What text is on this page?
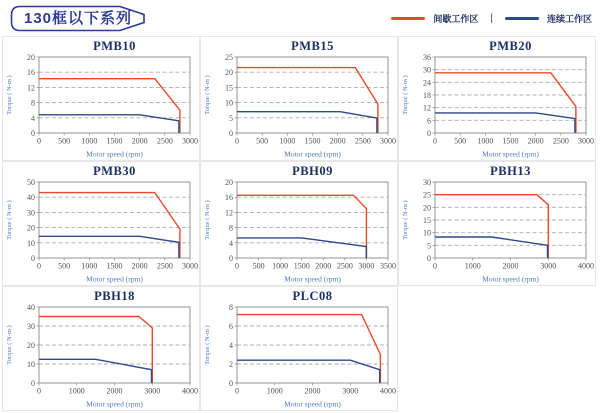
130框以下系列	间歇工作区 |	连续工作区
PMB10
0
4
8
12
16
20
0 500 1000 1500 2000 2500 3000
Motor speed (rpm)
Torque ( N-m )
PMB15
0
5
10
15
20
25
0 500 1000 1500 2000 2500 3000
Motor speed (rpm)
Torque ( N-m )
PMB20
0
6
12
18
24
30
36
0 500 1000 1500 2000 2500 3000
Motor speed (rpm)
Torque ( N-m )
PMB30
0
10
20
30
40
50
0 500 1000 1500 2000 2500 3000
Motor speed (rpm)
Torque ( N-m )
PBH09
0
4
8
12
16
20
0 500 1000 1500 2000 2500 3000 3500
Motor speed (rpm)
Torque ( N-m )
PBH13
0
5
10
15
20
25
30
0	1000	2000	3000	4000
Motor speed (rpm)
Torque ( N-m )
PBH18
0
10
20
30
40
0	1000	2000	3000	4000
Motor speed (rpm)
Torque ( N-m )
PLC08
0
2
4
6
8
0	1000	2000	3000	4000
Motor speed (rpm)
Torque ( N-m )
